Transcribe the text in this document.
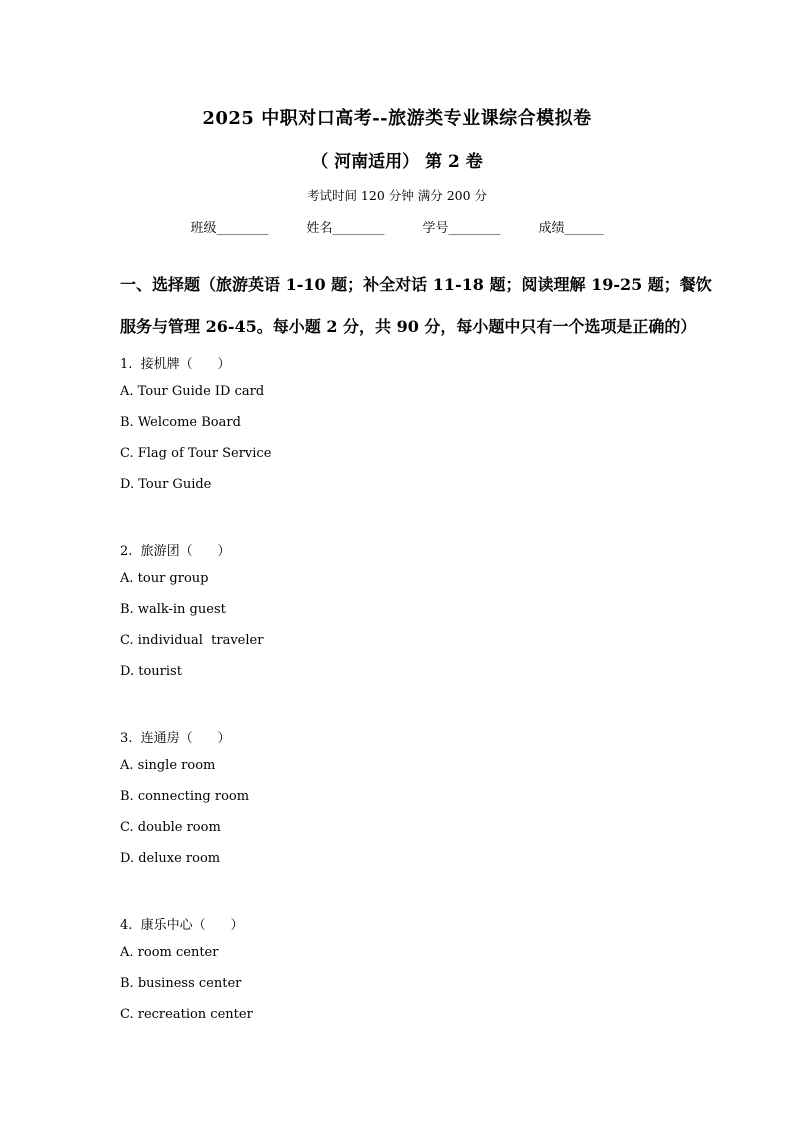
2025 中职对口高考--旅游类专业课综合模拟卷
（ 河南适用） 第 2 卷
考试时间 120 分钟 满分 200 分
班级________	姓名________	学号________	成绩______
一、选择题（旅游英语 1-10 题；补全对话 11-18 题；阅读理解 19-25 题；餐饮
服务与管理 26-45。每小题 2 分，共 90 分，每小题中只有一个选项是正确的）
1.  接机牌（      ）
A. Tour Guide ID card
B. Welcome Board
C. Flag of Tour Service
D. Tour Guide
2.  旅游团（      ）
A. tour group
B. walk-in guest
C. individual  traveler
D. tourist
3.  连通房（      ）
A. single room
B. connecting room
C. double room
D. deluxe room
4.  康乐中心（      ）
A. room center
B. business center
C. recreation center
